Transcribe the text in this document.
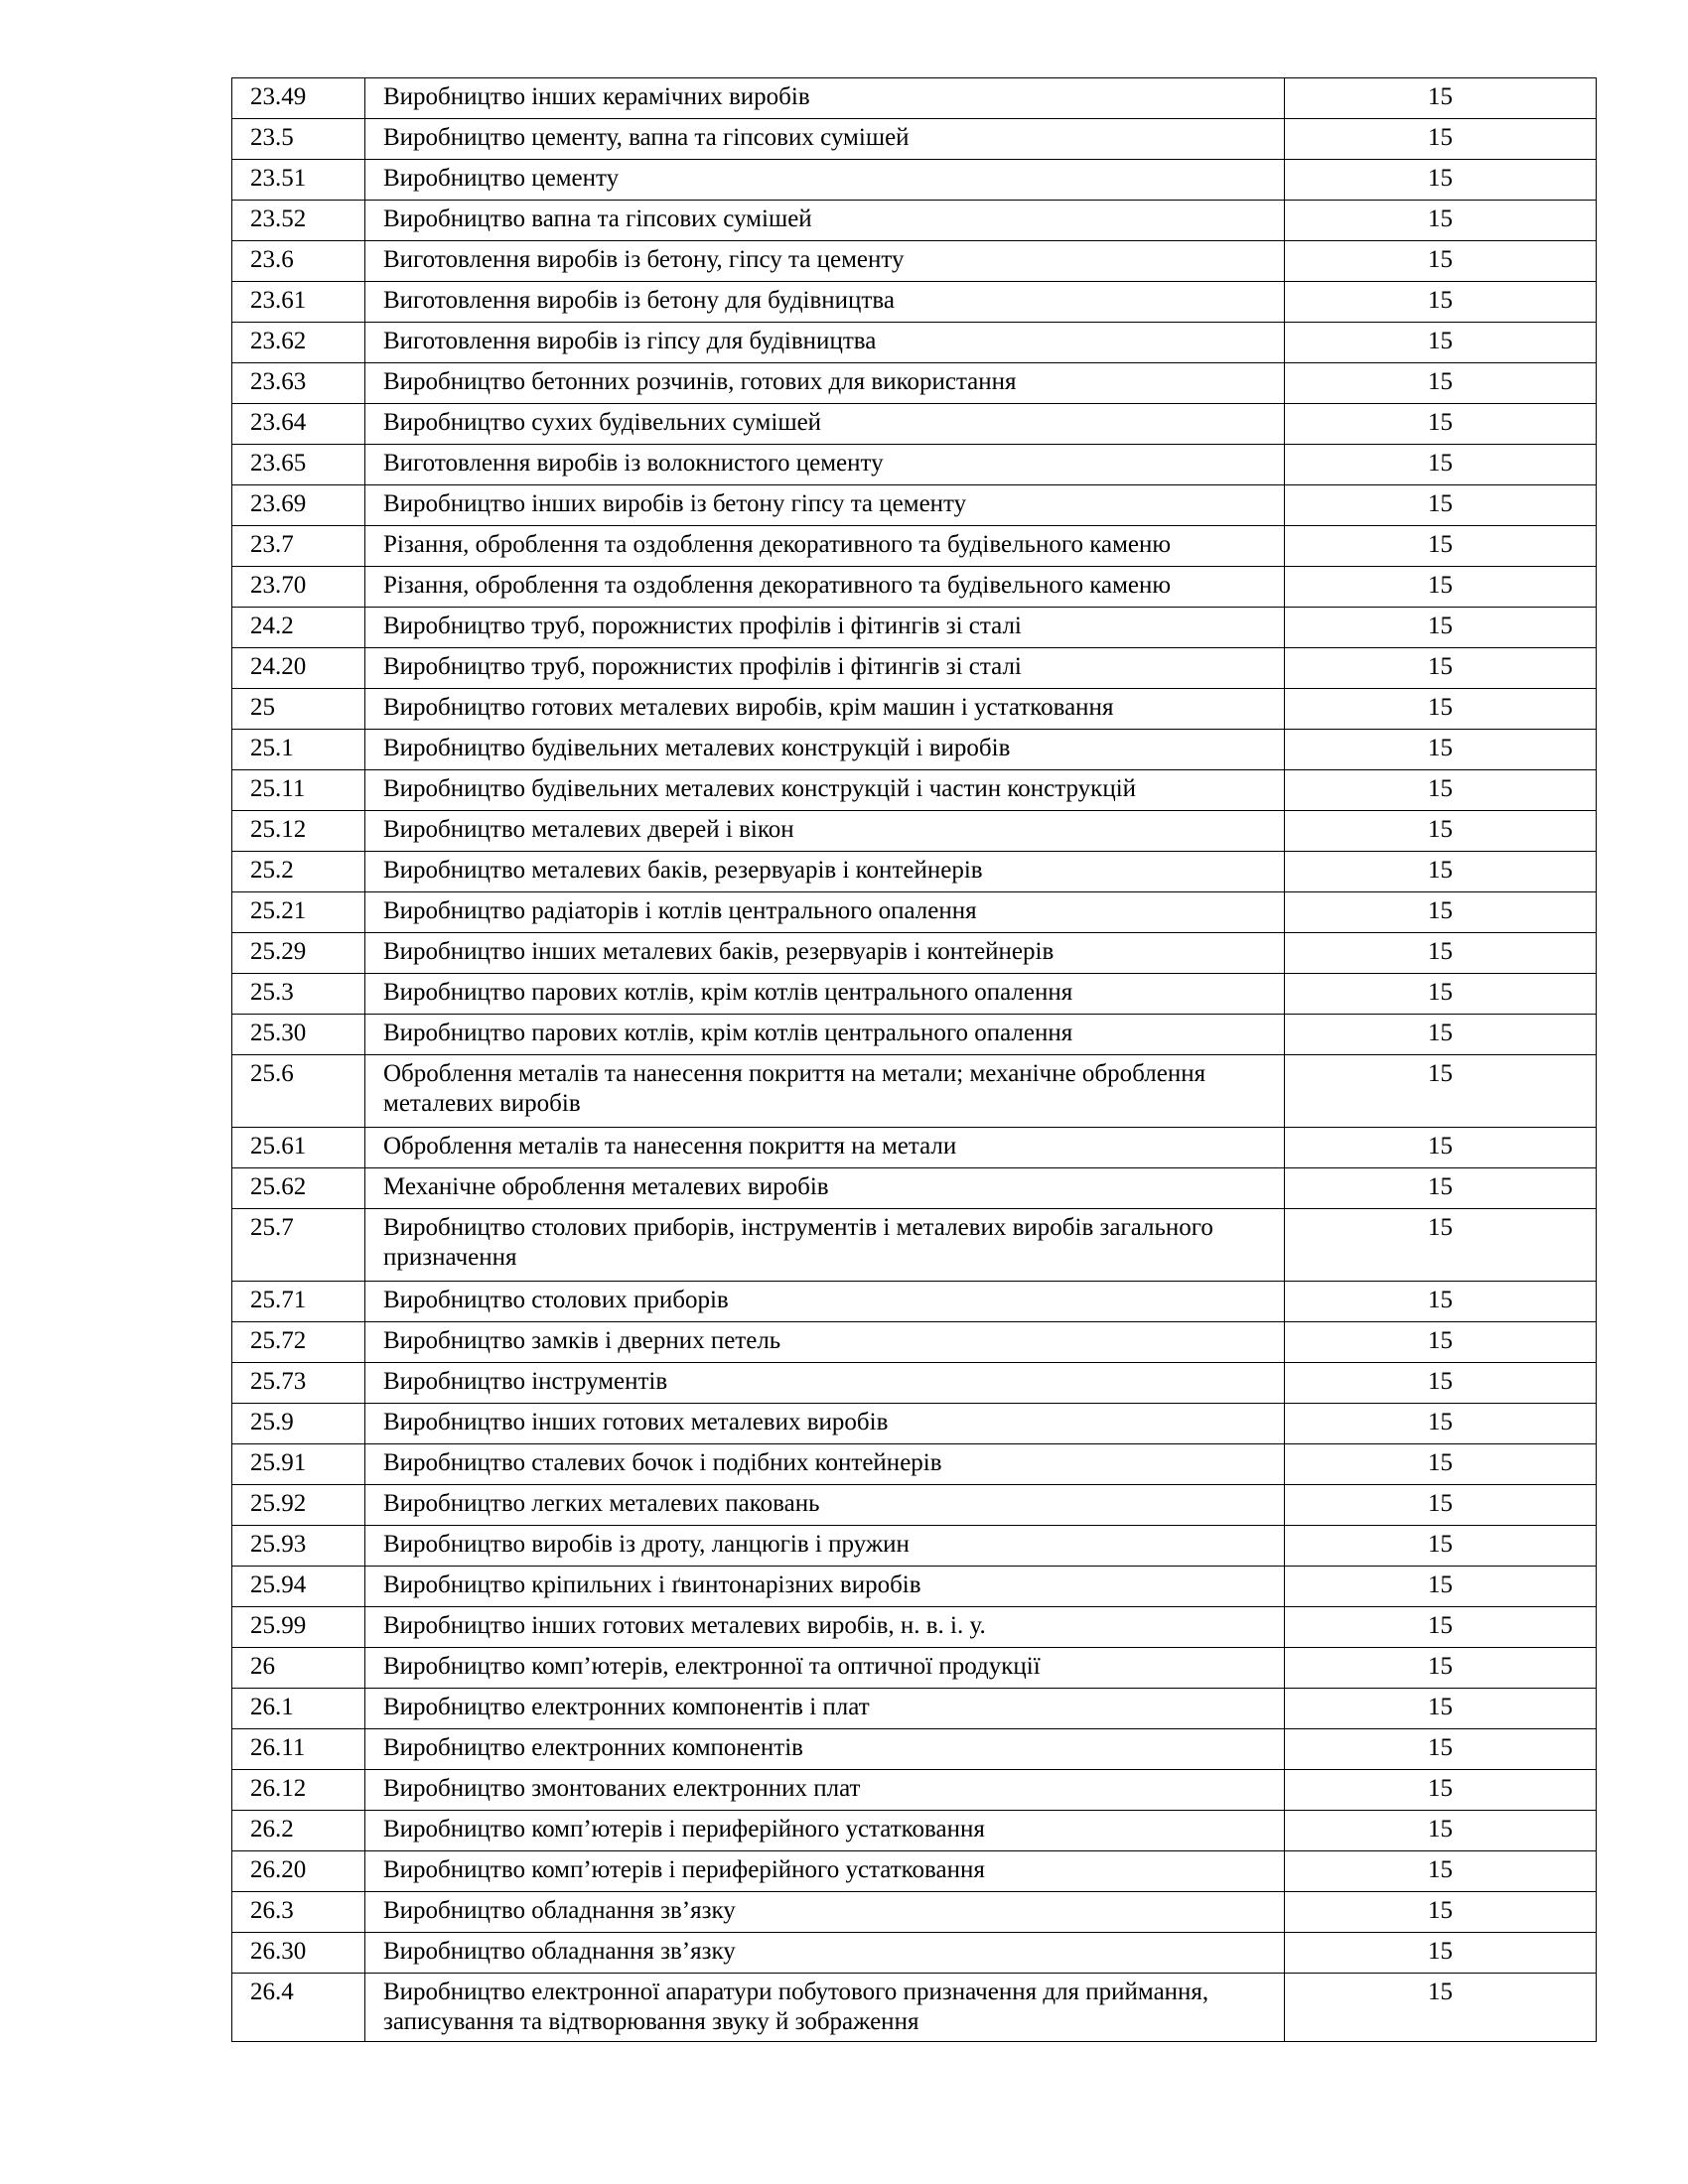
23.49	Виробництво інших керамічних виробів	15
23.5	Виробництво цементу, вапна та гіпсових сумішей	15
23.51	Виробництво цементу	15
23.52	Виробництво вапна та гіпсових сумішей	15
23.6	Виготовлення виробів із бетону, гіпсу та цементу	15
23.61	Виготовлення виробів із бетону для будівництва	15
23.62	Виготовлення виробів із гіпсу для будівництва	15
23.63	Виробництво бетонних розчинів, готових для використання	15
23.64	Виробництво сухих будівельних сумішей	15
23.65	Виготовлення виробів із волокнистого цементу	15
23.69	Виробництво інших виробів із бетону гіпсу та цементу	15
23.7	Різання, оброблення та оздоблення декоративного та будівельного каменю	15
23.70	Різання, оброблення та оздоблення декоративного та будівельного каменю	15
24.2	Виробництво труб, порожнистих профілів і фітингів зі сталі	15
24.20	Виробництво труб, порожнистих профілів і фітингів зі сталі	15
25	Виробництво готових металевих виробів, крім машин і устатковання	15
25.1	Виробництво будівельних металевих конструкцій і виробів	15
25.11	Виробництво будівельних металевих конструкцій і частин конструкцій	15
25.12	Виробництво металевих дверей і вікон	15
25.2	Виробництво металевих баків, резервуарів і контейнерів	15
25.21	Виробництво радіаторів і котлів центрального опалення	15
25.29	Виробництво інших металевих баків, резервуарів і контейнерів	15
25.3	Виробництво парових котлів, крім котлів центрального опалення	15
25.30	Виробництво парових котлів, крім котлів центрального опалення	15
25.6	Оброблення металів та нанесення покриття на метали; механічне оброблення металевих виробів	15
25.61	Оброблення металів та нанесення покриття на метали	15
25.62	Механічне оброблення металевих виробів	15
25.7	Виробництво столових приборів, інструментів і металевих виробів загального призначення	15
25.71	Виробництво столових приборів	15
25.72	Виробництво замків і дверних петель	15
25.73	Виробництво інструментів	15
25.9	Виробництво інших готових металевих виробів	15
25.91	Виробництво сталевих бочок і подібних контейнерів	15
25.92	Виробництво легких металевих паковань	15
25.93	Виробництво виробів із дроту, ланцюгів і пружин	15
25.94	Виробництво кріпильних і ґвинтонарізних виробів	15
25.99	Виробництво інших готових металевих виробів, н. в. і. у.	15
26	Виробництво комп’ютерів, електронної та оптичної продукції	15
26.1	Виробництво електронних компонентів і плат	15
26.11	Виробництво електронних компонентів	15
26.12	Виробництво змонтованих електронних плат	15
26.2	Виробництво комп’ютерів і периферійного устатковання	15
26.20	Виробництво комп’ютерів і периферійного устатковання	15
26.3	Виробництво обладнання зв’язку	15
26.30	Виробництво обладнання зв’язку	15
26.4	Виробництво електронної апаратури побутового призначення для приймання, записування та відтворювання звуку й зображення	15
